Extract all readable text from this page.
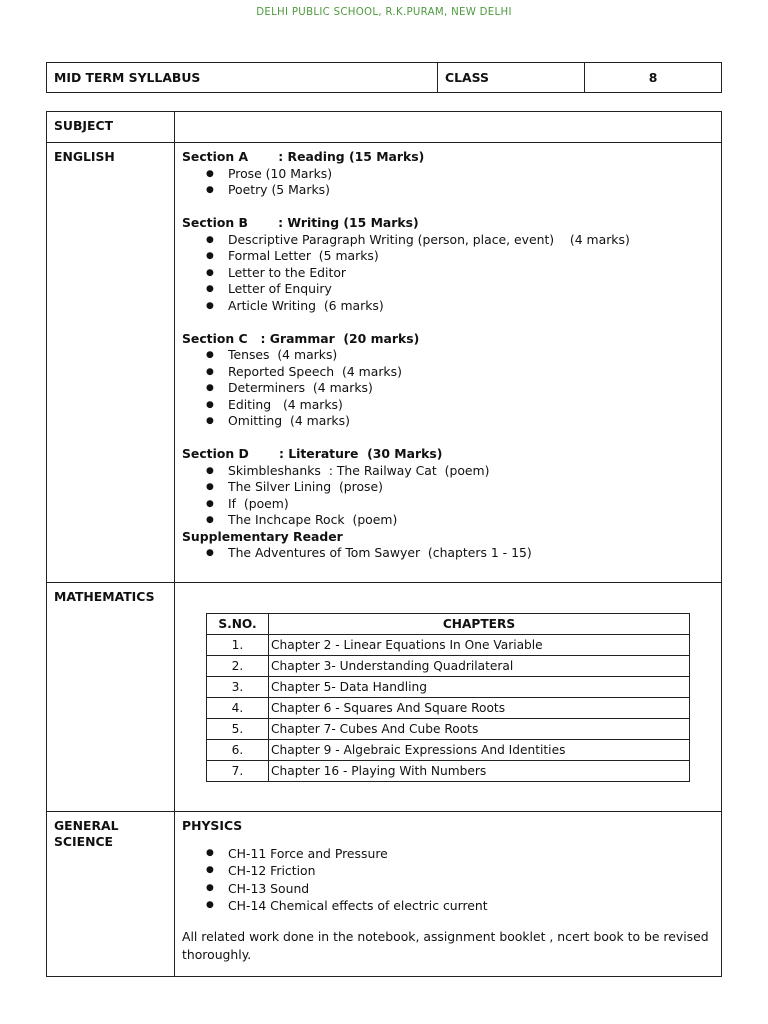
DELHI PUBLIC SCHOOL, R.K.PURAM, NEW DELHI
MID TERM SYLLABUS	CLASS	8
SUBJECT	
ENGLISH	Section A       : Reading (15 Marks)
● Prose (10 Marks)
● Poetry (5 Marks)
Section B       : Writing (15 Marks)
● Descriptive Paragraph Writing (person, place, event)    (4 marks)
● Formal Letter  (5 marks)
● Letter to the Editor
● Letter of Enquiry
● Article Writing  (6 marks)
Section C   : Grammar  (20 marks)
● Tenses  (4 marks)
● Reported Speech  (4 marks)
● Determiners  (4 marks)
● Editing   (4 marks)
● Omitting  (4 marks)
Section D       : Literature  (30 Marks)
● Skimbleshanks  : The Railway Cat  (poem)
● The Silver Lining  (prose)
● If  (poem)
● The Inchcape Rock  (poem)
Supplementary Reader
● The Adventures of Tom Sawyer  (chapters 1 - 15)

MATHEMATICS	
S.NO.	CHAPTERS
1.	Chapter 2 - Linear Equations In One Variable
2.	Chapter 3- Understanding Quadrilateral
3.	Chapter 5- Data Handling
4.	Chapter 6 - Squares And Square Roots
5.	Chapter 7- Cubes And Cube Roots
6.	Chapter 9 - Algebraic Expressions And Identities
7.	Chapter 16 - Playing With Numbers

GENERAL
SCIENCE

PHYSICS
● CH-11 Force and Pressure
● CH-12 Friction
● CH-13 Sound
● CH-14 Chemical effects of electric current
All related work done in the notebook, assignment booklet , ncert book to be revised thoroughly.
